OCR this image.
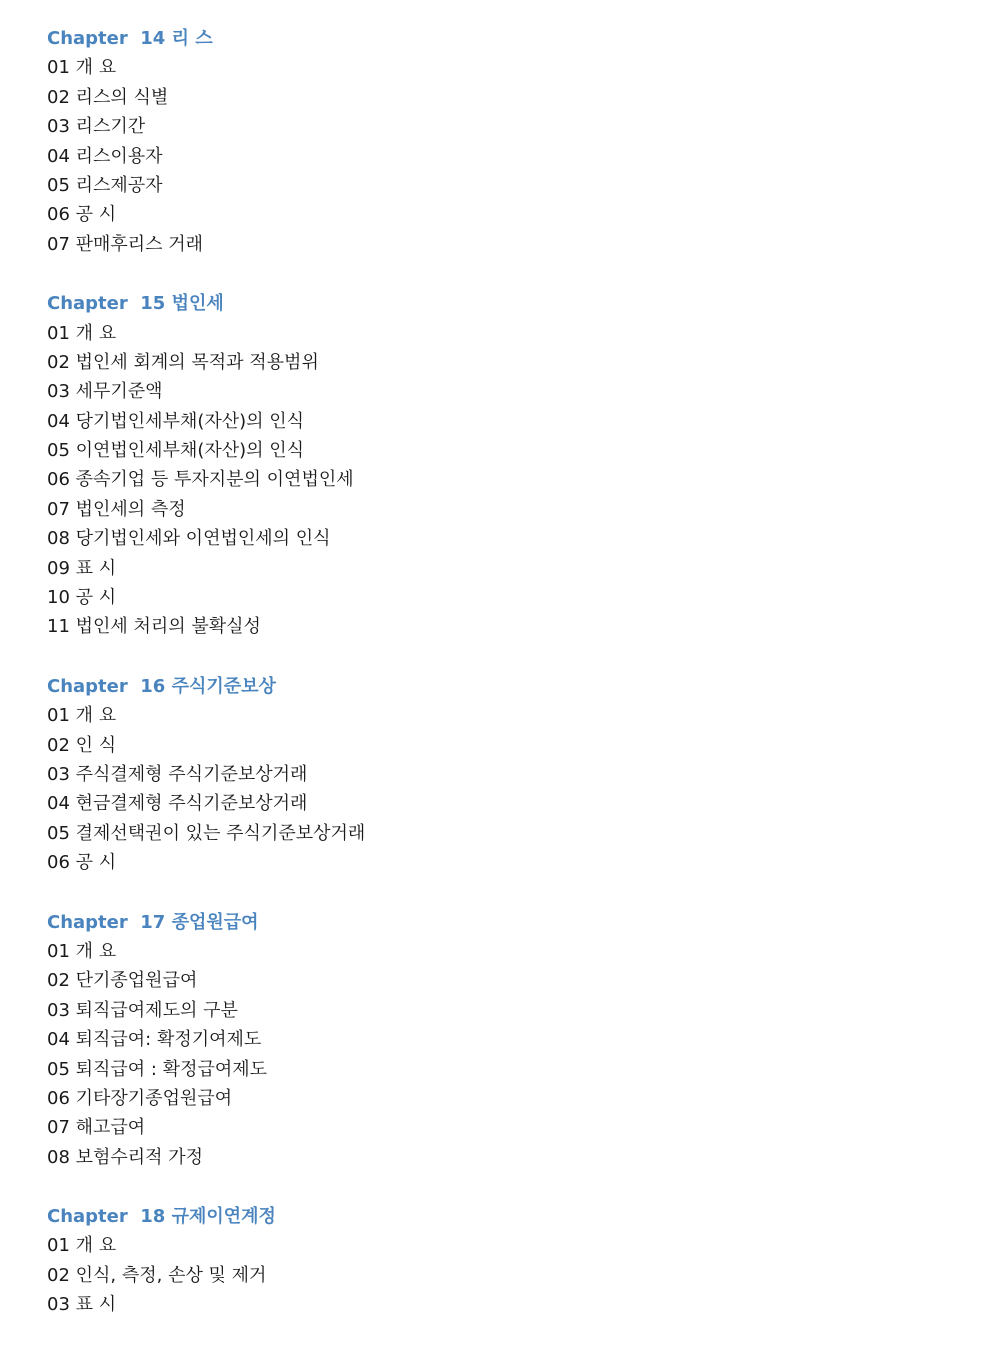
Chapter  14 리 스
01 개 요
02 리스의 식별
03 리스기간
04 리스이용자
05 리스제공자
06 공 시
07 판매후리스 거래
Chapter  15 법인세
01 개 요
02 법인세 회계의 목적과 적용범위
03 세무기준액
04 당기법인세부채(자산)의 인식
05 이연법인세부채(자산)의 인식
06 종속기업 등 투자지분의 이연법인세
07 법인세의 측정
08 당기법인세와 이연법인세의 인식
09 표 시
10 공 시
11 법인세 처리의 불확실성
Chapter  16 주식기준보상
01 개 요
02 인 식
03 주식결제형 주식기준보상거래
04 현금결제형 주식기준보상거래
05 결제선택권이 있는 주식기준보상거래
06 공 시
Chapter  17 종업원급여
01 개 요
02 단기종업원급여
03 퇴직급여제도의 구분
04 퇴직급여: 확정기여제도
05 퇴직급여 : 확정급여제도
06 기타장기종업원급여
07 해고급여
08 보험수리적 가정
Chapter  18 규제이연계정
01 개 요
02 인식, 측정, 손상 및 제거
03 표 시
